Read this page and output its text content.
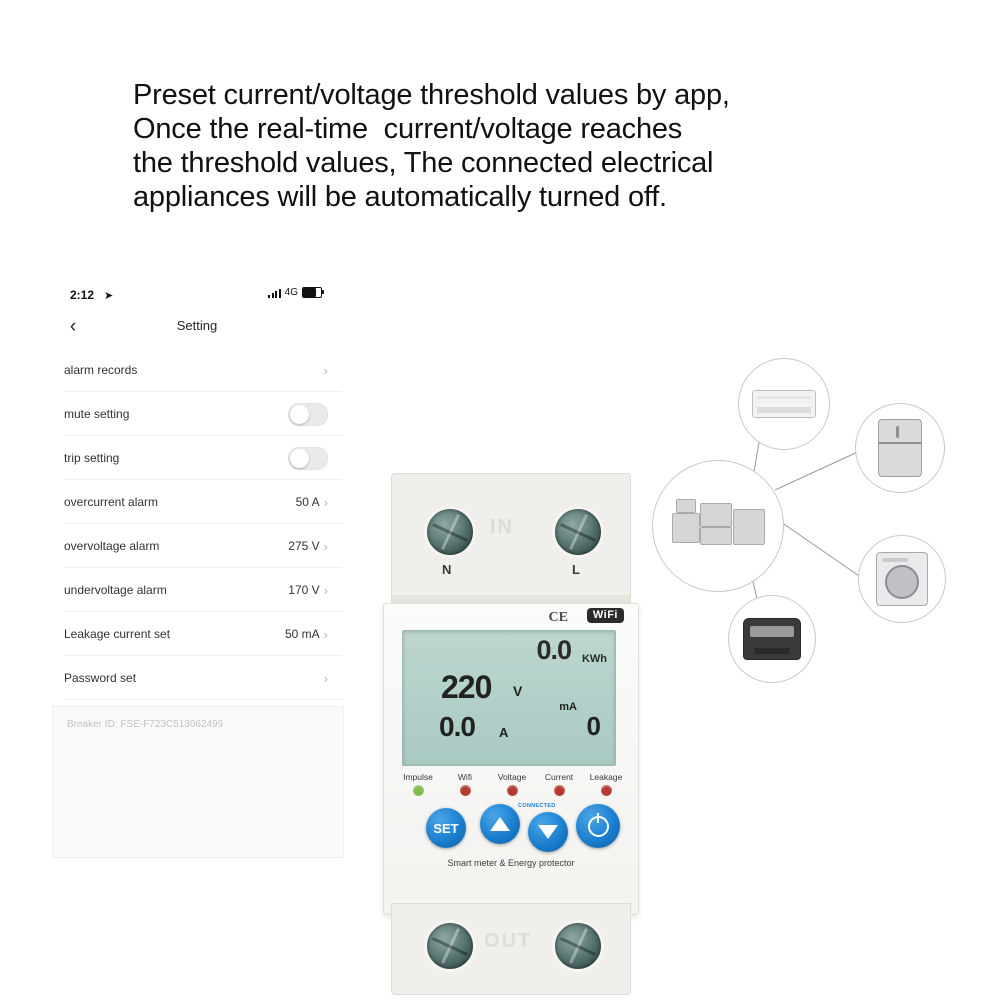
Preset current/voltage threshold values by app,
Once the real-time  current/voltage reaches
the threshold values, The connected electrical
appliances will be automatically turned off.
2:12 ➤	4G
‹	Setting
alarm records	›
mute setting
trip setting
overcurrent alarm	50 A ›
overvoltage alarm	275 V ›
undervoltage alarm	170 V ›
Leakage current set	50 mA ›
Password set	›
Breaker ID: FSE-F723C513062499
IN
N	L
CE	WiFi
0.0 KWh
220 V
0.0 A
mA
0
Impulse	Wifi	Voltage	Current	Leakage
CONNECTED
SET
Smart meter & Energy protector
OUT
